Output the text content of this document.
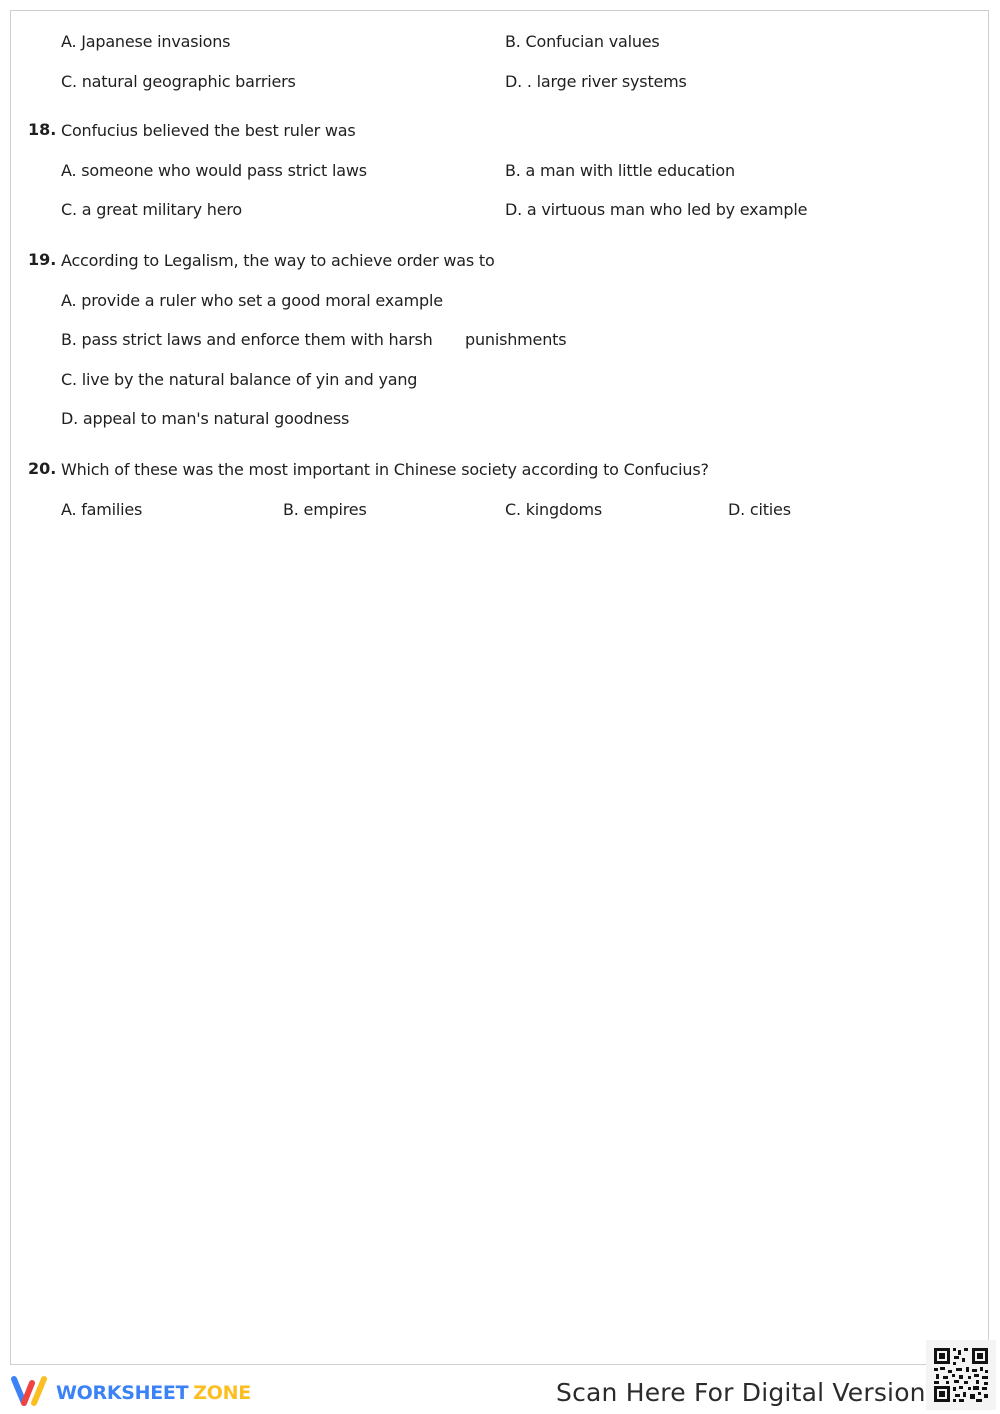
A. Japanese invasions	B. Confucian values
C. natural geographic barriers	D. . large river systems
18. Confucius believed the best ruler was
A. someone who would pass strict laws	B. a man with little education
C. a great military hero	D. a virtuous man who led by example
19. According to Legalism, the way to achieve order was to
A. provide a ruler who set a good moral example
B. pass strict laws and enforce them with harsh punishments
C. live by the natural balance of yin and yang
D. appeal to man's natural goodness
20. Which of these was the most important in Chinese society according to Confucius?
A. families	B. empires	C. kingdoms	D. cities
WORKSHEET ZONE	Scan Here For Digital Version
